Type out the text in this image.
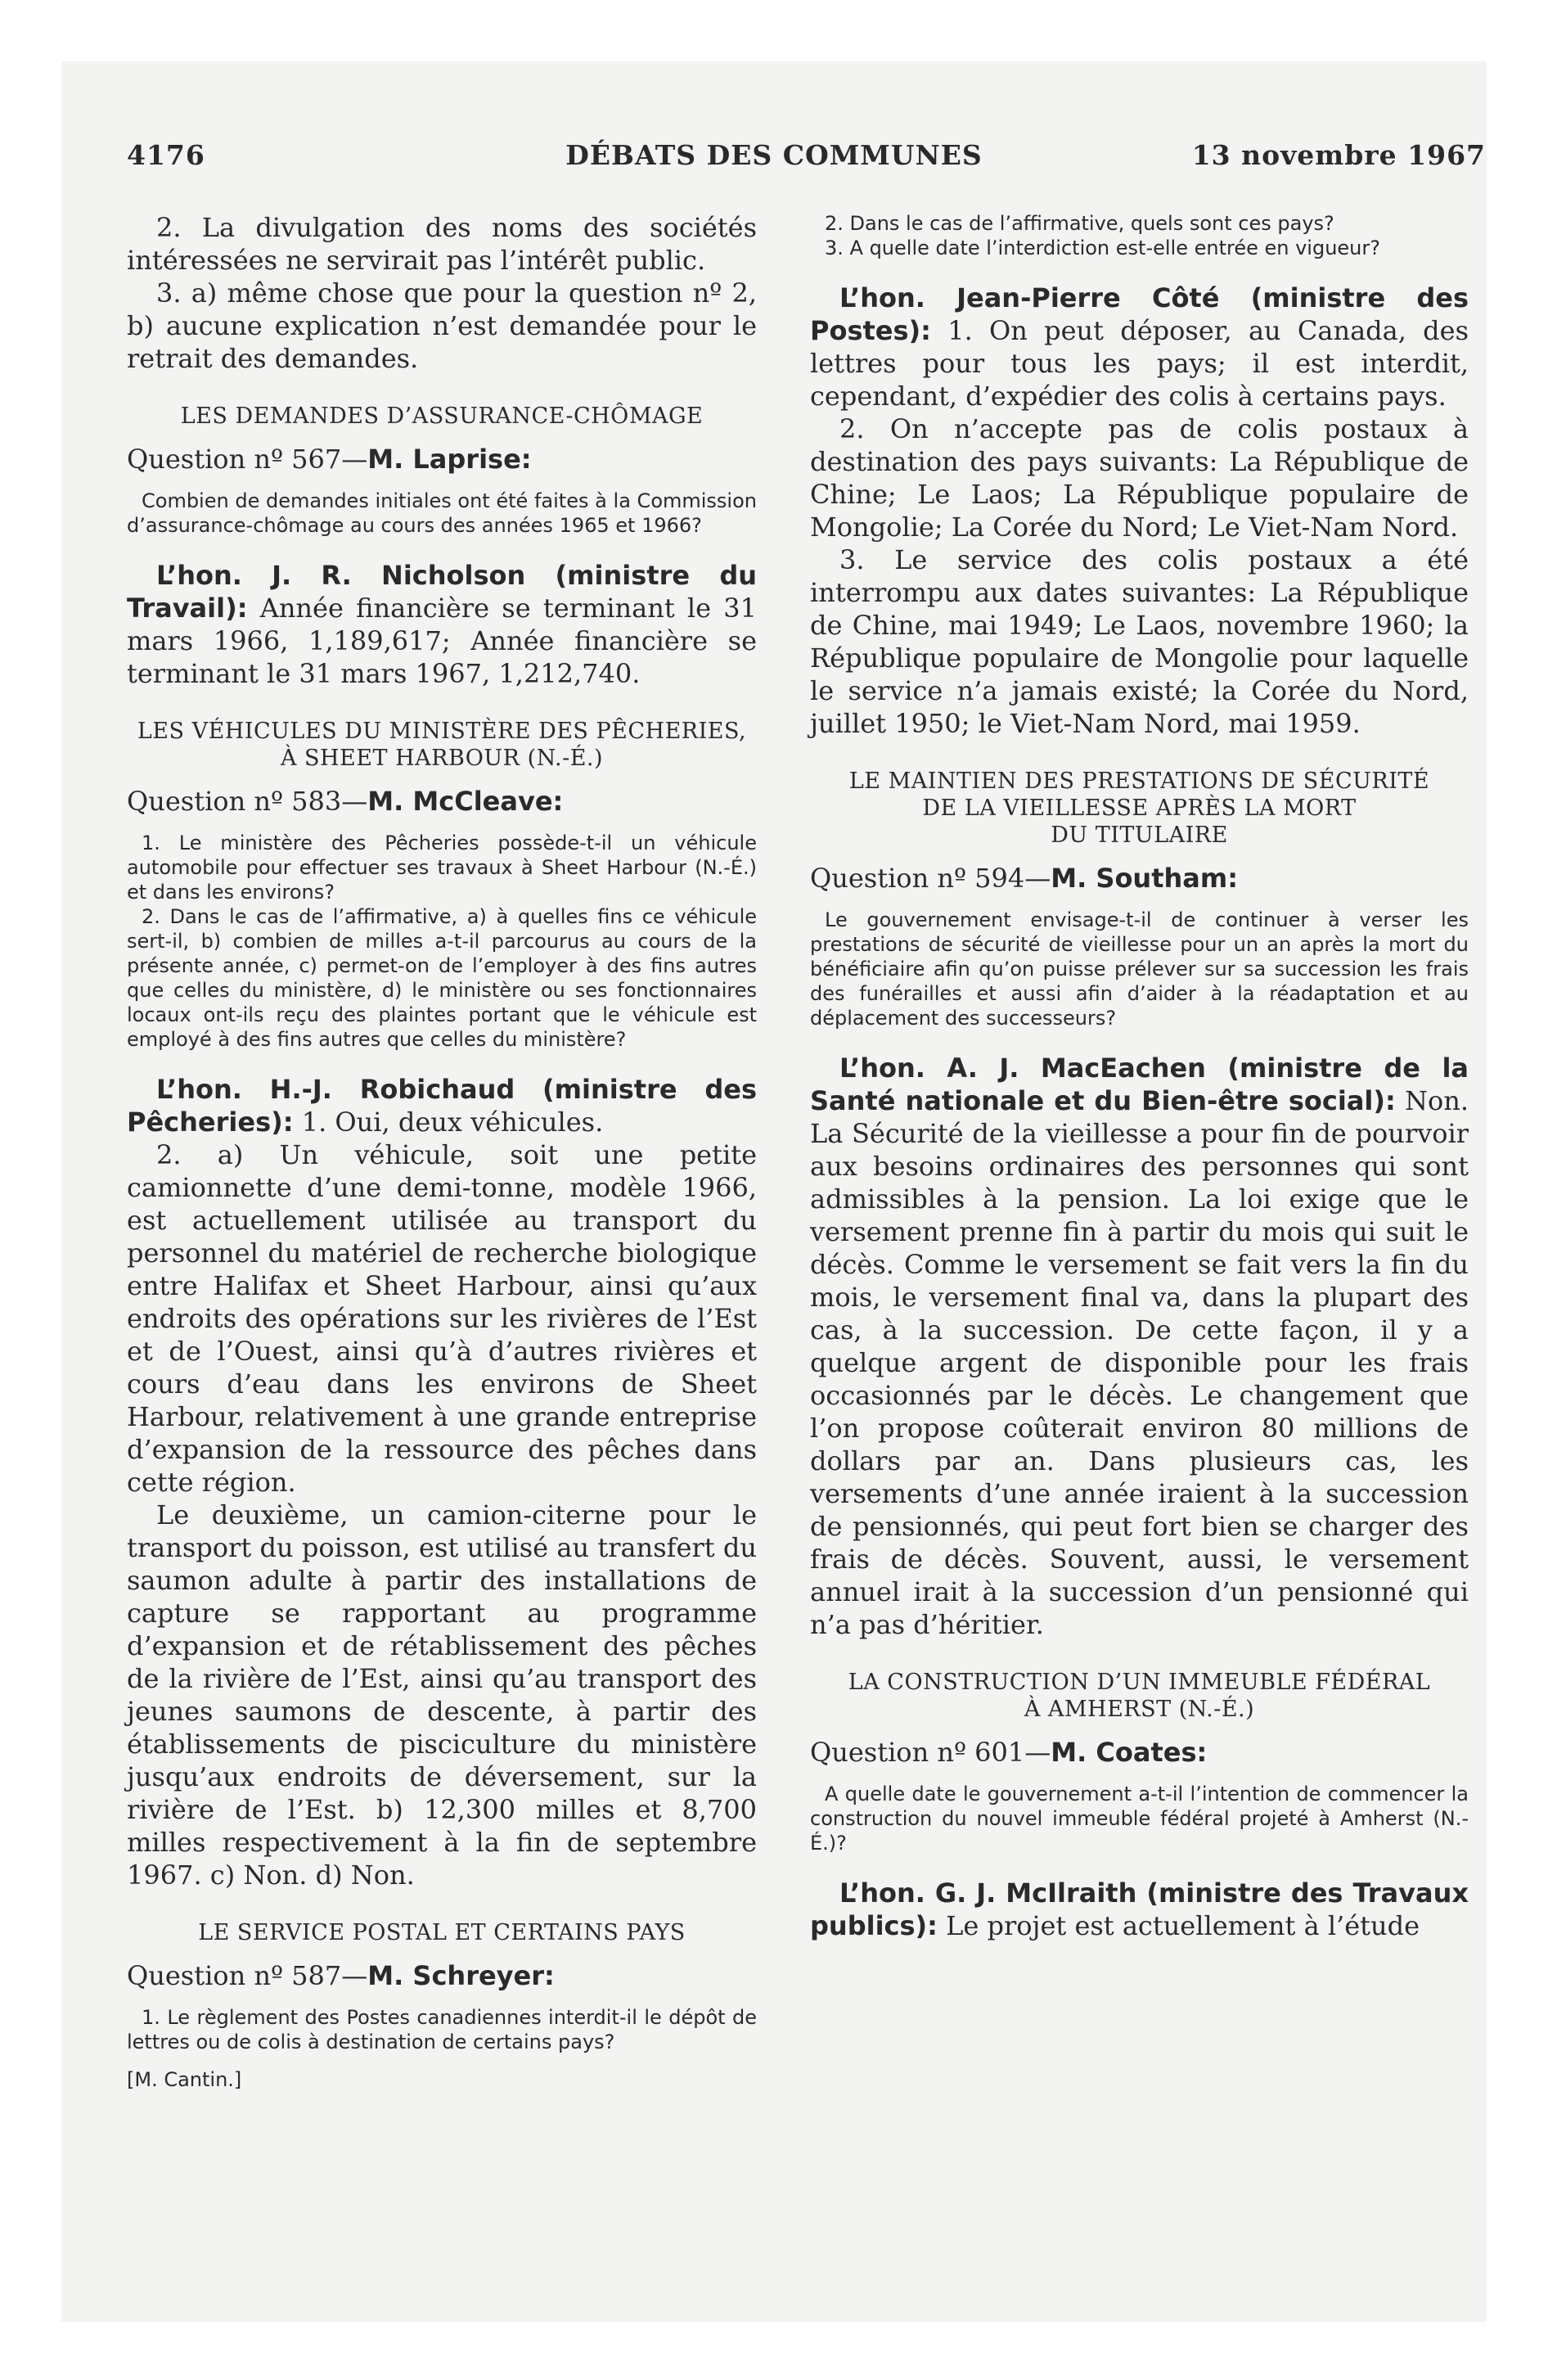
4176	DÉBATS DES COMMUNES	13 novembre 1967

2. La divulgation des noms des sociétés intéressées ne servirait pas l’intérêt public.

3. a) même chose que pour la question nº 2, b) aucune explication n’est demandée pour le retrait des demandes.

LES DEMANDES D’ASSURANCE-CHÔMAGE

Question nº 567—M. Laprise:

Combien de demandes initiales ont été faites à la Commission d’assurance-chômage au cours des années 1965 et 1966?

L’hon. J. R. Nicholson (ministre du Travail): Année financière se terminant le 31 mars 1966, 1,189,617; Année financière se terminant le 31 mars 1967, 1,212,740.

LES VÉHICULES DU MINISTÈRE DES PÊCHERIES,

À SHEET HARBOUR (N.-É.)

Question nº 583—M. McCleave:

1. Le ministère des Pêcheries possède-t-il un véhicule automobile pour effectuer ses travaux à Sheet Harbour (N.-É.) et dans les environs?

2. Dans le cas de l’affirmative, a) à quelles fins ce véhicule sert-il, b) combien de milles a-t-il parcourus au cours de la présente année, c) permet-on de l’employer à des fins autres que celles du ministère, d) le ministère ou ses fonctionnaires locaux ont-ils reçu des plaintes portant que le véhicule est employé à des fins autres que celles du ministère?

L’hon. H.-J. Robichaud (ministre des Pêcheries): 1. Oui, deux véhicules.

2. a) Un véhicule, soit une petite camionnette d’une demi-tonne, modèle 1966, est actuellement utilisée au transport du personnel du matériel de recherche biologique entre Halifax et Sheet Harbour, ainsi qu’aux endroits des opérations sur les rivières de l’Est et de l’Ouest, ainsi qu’à d’autres rivières et cours d’eau dans les environs de Sheet Harbour, relativement à une grande entreprise d’expansion de la ressource des pêches dans cette région.

Le deuxième, un camion-citerne pour le transport du poisson, est utilisé au transfert du saumon adulte à partir des installations de capture se rapportant au programme d’expansion et de rétablissement des pêches de la rivière de l’Est, ainsi qu’au transport des jeunes saumons de descente, à partir des établissements de pisciculture du ministère jusqu’aux endroits de déversement, sur la rivière de l’Est. b) 12,300 milles et 8,700 milles respectivement à la fin de septembre 1967. c) Non. d) Non.

LE SERVICE POSTAL ET CERTAINS PAYS

Question nº 587—M. Schreyer:

1. Le règlement des Postes canadiennes interdit-il le dépôt de lettres ou de colis à destination de certains pays?

[M. Cantin.]

2. Dans le cas de l’affirmative, quels sont ces pays?

3. A quelle date l’interdiction est-elle entrée en vigueur?

L’hon. Jean-Pierre Côté (ministre des Postes): 1. On peut déposer, au Canada, des lettres pour tous les pays; il est interdit, cependant, d’expédier des colis à certains pays.

2. On n’accepte pas de colis postaux à destination des pays suivants: La République de Chine; Le Laos; La République populaire de Mongolie; La Corée du Nord; Le Viet-Nam Nord.

3. Le service des colis postaux a été interrompu aux dates suivantes: La République de Chine, mai 1949; Le Laos, novembre 1960; la République populaire de Mongolie pour laquelle le service n’a jamais existé; la Corée du Nord, juillet 1950; le Viet-Nam Nord, mai 1959.

LE MAINTIEN DES PRESTATIONS DE SÉCURITÉ

DE LA VIEILLESSE APRÈS LA MORT

DU TITULAIRE

Question nº 594—M. Southam:

Le gouvernement envisage-t-il de continuer à verser les prestations de sécurité de vieillesse pour un an après la mort du bénéficiaire afin qu’on puisse prélever sur sa succession les frais des funérailles et aussi afin d’aider à la réadaptation et au déplacement des successeurs?

L’hon. A. J. MacEachen (ministre de la Santé nationale et du Bien-être social): Non. La Sécurité de la vieillesse a pour fin de pourvoir aux besoins ordinaires des personnes qui sont admissibles à la pension. La loi exige que le versement prenne fin à partir du mois qui suit le décès. Comme le versement se fait vers la fin du mois, le versement final va, dans la plupart des cas, à la succession. De cette façon, il y a quelque argent de disponible pour les frais occasionnés par le décès. Le changement que l’on propose coûterait environ 80 millions de dollars par an. Dans plusieurs cas, les versements d’une année iraient à la succession de pensionnés, qui peut fort bien se charger des frais de décès. Souvent, aussi, le versement annuel irait à la succession d’un pensionné qui n’a pas d’héritier.

LA CONSTRUCTION D’UN IMMEUBLE FÉDÉRAL

À AMHERST (N.-É.)

Question nº 601—M. Coates:

A quelle date le gouvernement a-t-il l’intention de commencer la construction du nouvel immeuble fédéral projeté à Amherst (N.-É.)?

L’hon. G. J. McIlraith (ministre des Travaux publics): Le projet est actuellement à l’étude
